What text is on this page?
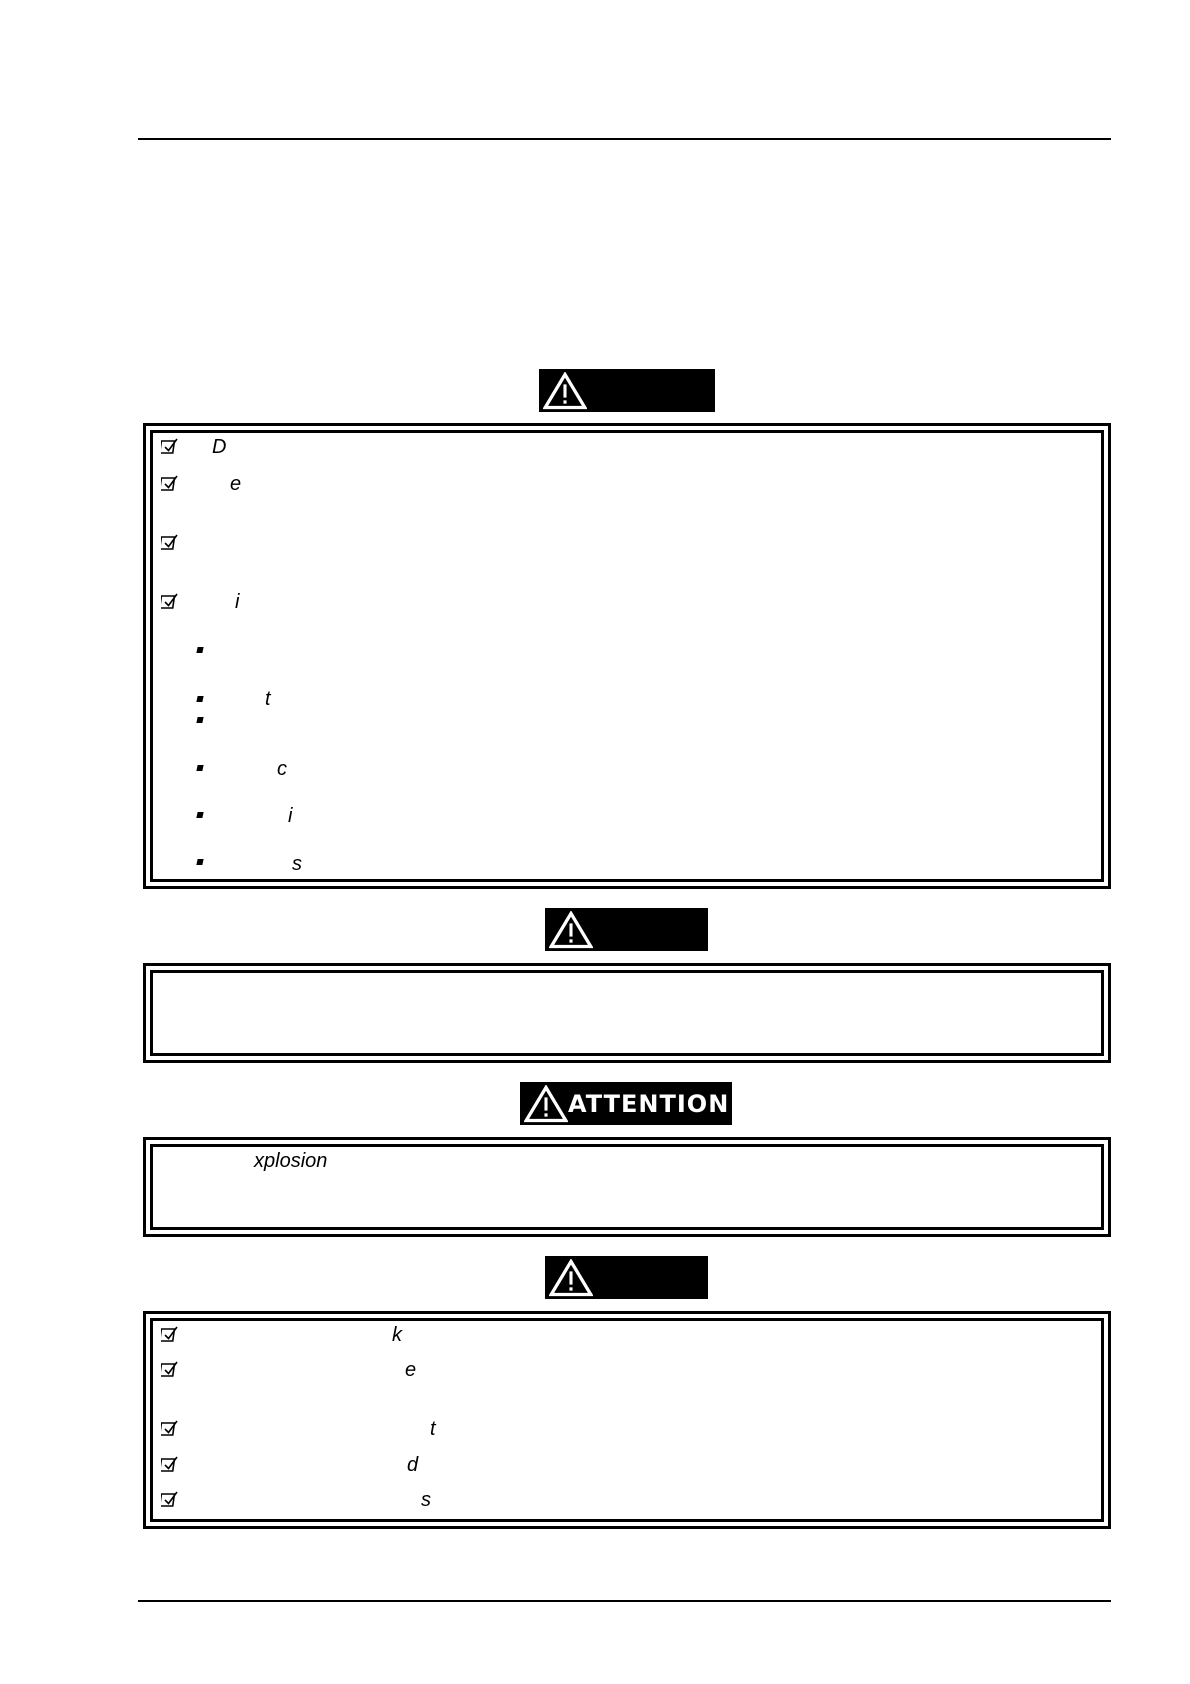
D
e
i
t
c
i
s
ATTENTION
xplosion
k
e
t
d
s
